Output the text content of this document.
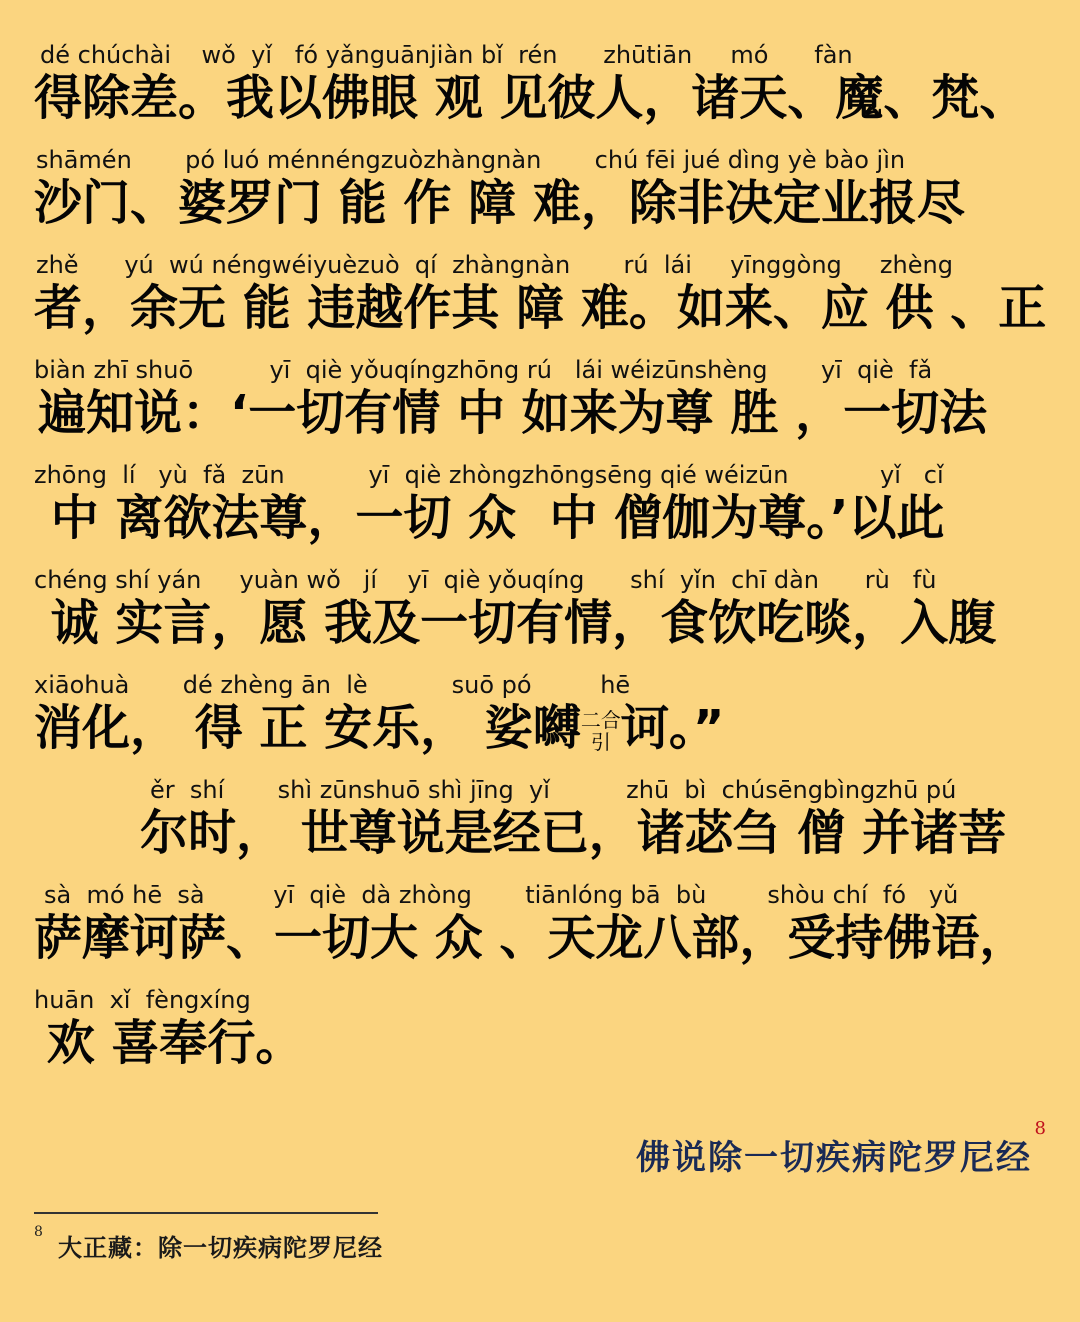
dé chúchài    wǒ  yǐ   fó yǎnguānjiàn bǐ  rén      zhūtiān     mó      fàn
得除差。我以佛眼 观 见彼人，诸天、魔、梵、
shāmén       pó luó ménnéngzuòzhàngnàn       chú fēi jué dìng yè bào jìn
沙门、婆罗门 能 作 障 难，除非决定业报尽
zhě      yú  wú néngwéiyuèzuò  qí  zhàngnàn       rú  lái     yīnggòng     zhèng
者，余无 能 违越作其 障 难。如来、应 供 、正
biàn zhī shuō          yī  qiè yǒuqíngzhōng rú   lái wéizūnshèng       yī  qiè  fǎ
遍知说：‘一切有情 中 如来为尊 胜 ，一切法
zhōng  lí   yù  fǎ  zūn           yī  qiè zhòngzhōngsēng qié wéizūn            yǐ   cǐ
中 离欲法尊，一切 众  中 僧伽为尊。’以此
chéng shí yán     yuàn wǒ   jí    yī  qiè yǒuqíng      shí  yǐn  chī dàn      rù   fù
诚 实言，愿 我及一切有情，食饮吃啖，入腹
xiāohuà       dé zhèng ān  lè           suō pó         hē
消化， 得 正 安乐， 娑嚩二合
引 诃。”
ěr  shí       shì zūnshuō shì jīng  yǐ          zhū  bì  chúsēngbìngzhū pú
尔时， 世尊说是经已，诸苾刍 僧 并诸菩
sà  mó hē  sà         yī  qiè  dà zhòng       tiānlóng bā  bù        shòu chí  fó   yǔ
萨摩诃萨、一切大 众 、天龙八部，受持佛语，
huān  xǐ  fèngxíng
欢 喜奉行。
佛说除一切疾病陀罗尼经
8
8
大正藏：除一切疾病陀罗尼经
